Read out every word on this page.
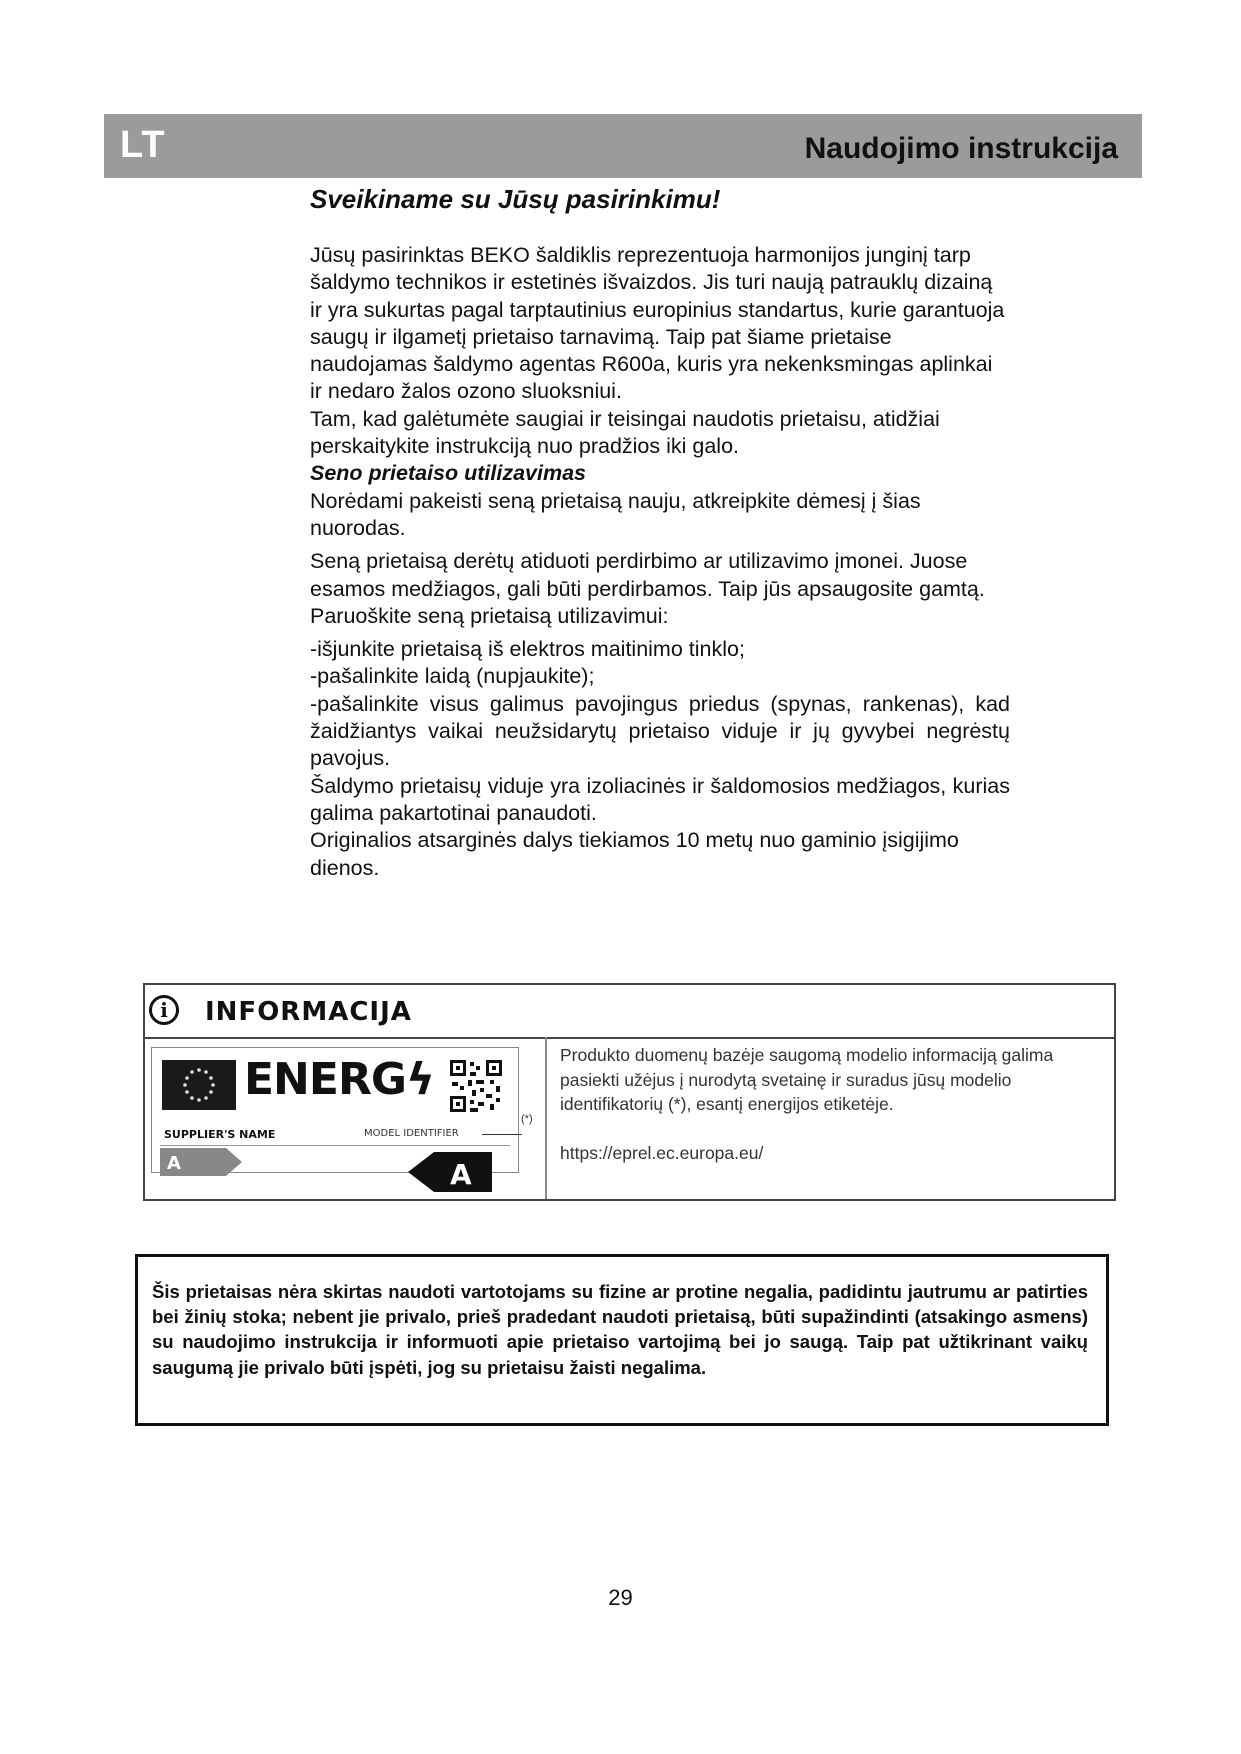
LT	Naudojimo instrukcija
Sveikiname su Jūsų pasirinkimu!

Jūsų pasirinktas BEKO šaldiklis reprezentuoja harmonijos junginį tarp šaldymo technikos ir estetinės išvaizdos. Jis turi naują patrauklų dizainą ir yra sukurtas pagal tarptautinius europinius standartus, kurie garantuoja saugų ir ilgametį prietaiso tarnavimą. Taip pat šiame prietaise naudojamas šaldymo agentas R600a, kuris yra nekenksmingas aplinkai ir nedaro žalos ozono sluoksniui.

Tam, kad galėtumėte saugiai ir teisingai naudotis prietaisu, atidžiai perskaitykite instrukciją nuo pradžios iki galo.

Seno prietaiso utilizavimas

Norėdami pakeisti seną prietaisą nauju, atkreipkite dėmesį į šias nuorodas.

Seną prietaisą derėtų atiduoti perdirbimo ar utilizavimo įmonei. Juose esamos medžiagos, gali būti perdirbamos. Taip jūs apsaugosite gamtą.

Paruoškite seną prietaisą utilizavimui:

-išjunkite prietaisą iš elektros maitinimo tinklo;

-pašalinkite laidą (nupjaukite);

-pašalinkite visus galimus pavojingus priedus (spynas, rankenas), kad žaidžiantys vaikai neužsidarytų prietaiso viduje ir jų gyvybei negrėstų pavojus.

Šaldymo prietaisų viduje yra izoliacinės ir šaldomosios medžiagos, kurias galima pakartotinai panaudoti.

Originalios atsarginės dalys tiekiamos 10 metų nuo gaminio įsigijimo dienos.

i	INFORMACIJA
ENERGϟ
SUPPLIER'S NAME	MODEL IDENTIFIER
A	A
(*)

Produkto duomenų bazėje saugomą modelio informaciją galima pasiekti užėjus į nurodytą svetainę ir suradus jūsų modelio identifikatorių (*), esantį energijos etiketėje.

https://eprel.ec.europa.eu/

Šis prietaisas nėra skirtas naudoti vartotojams su fizine ar protine negalia, padidintu jautrumu ar patirties bei žinių stoka; nebent jie privalo, prieš pradedant naudoti prietaisą, būti supažindinti (atsakingo asmens) su naudojimo instrukcija ir informuoti apie prietaiso vartojimą bei jo saugą. Taip pat užtikrinant vaikų saugumą jie privalo būti įspėti, jog su prietaisu žaisti negalima.
29
